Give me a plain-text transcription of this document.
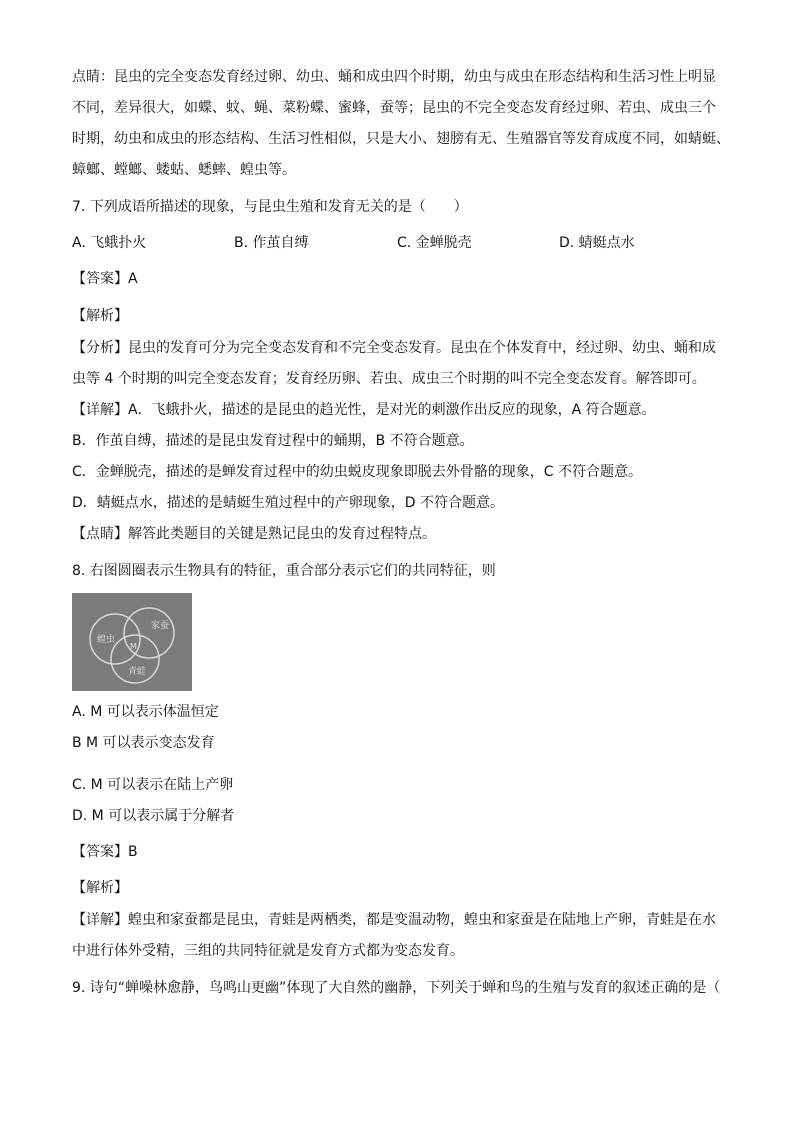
点睛：昆虫的完全变态发育经过卵、幼虫、蛹和成虫四个时期，幼虫与成虫在形态结构和生活习性上明显
不同，差异很大，如蝶、蚊、蝇、菜粉蝶、蜜蜂，蚕等；昆虫的不完全变态发育经过卵、若虫、成虫三个
时期，幼虫和成虫的形态结构、生活习性相似，只是大小、翅膀有无、生殖器官等发育成度不同，如蜻蜓、
蟑螂、螳螂、蝼蛄、蟋蟀、蝗虫等。
7. 下列成语所描述的现象，与昆虫生殖和发育无关的是（　　）
A. 飞蛾扑火	B. 作茧自缚	C. 金蝉脱壳	D. 蜻蜓点水
【答案】A
【解析】
【分析】昆虫的发育可分为完全变态发育和不完全变态发育。昆虫在个体发育中，经过卵、幼虫、蛹和成
虫等 4 个时期的叫完全变态发育；发育经历卵、若虫、成虫三个时期的叫不完全变态发育。解答即可。
【详解】A．飞蛾扑火，描述的是昆虫的趋光性，是对光的刺激作出反应的现象，A 符合题意。
B．作茧自缚，描述的是昆虫发育过程中的蛹期，B 不符合题意。
C．金蝉脱壳，描述的是蝉发育过程中的幼虫蜕皮现象即脱去外骨骼的现象，C 不符合题意。
D．蜻蜓点水，描述的是蜻蜓生殖过程中的产卵现象，D 不符合题意。
【点睛】解答此类题目的关键是熟记昆虫的发育过程特点。
8. 右图圆圈表示生物具有的特征，重合部分表示它们的共同特征，则
蝗虫
家蚕
青蛙
M
A. M 可以表示体温恒定
B M 可以表示变态发育
C. M 可以表示在陆上产卵
D. M 可以表示属于分解者
【答案】B
【解析】
【详解】蝗虫和家蚕都是昆虫，青蛙是两栖类，都是变温动物，蝗虫和家蚕是在陆地上产卵，青蛙是在水
中进行体外受精，三组的共同特征就是发育方式都为变态发育。
9. 诗句“蝉噪林愈静，鸟鸣山更幽”体现了大自然的幽静，下列关于蝉和鸟的生殖与发育的叙述正确的是（
